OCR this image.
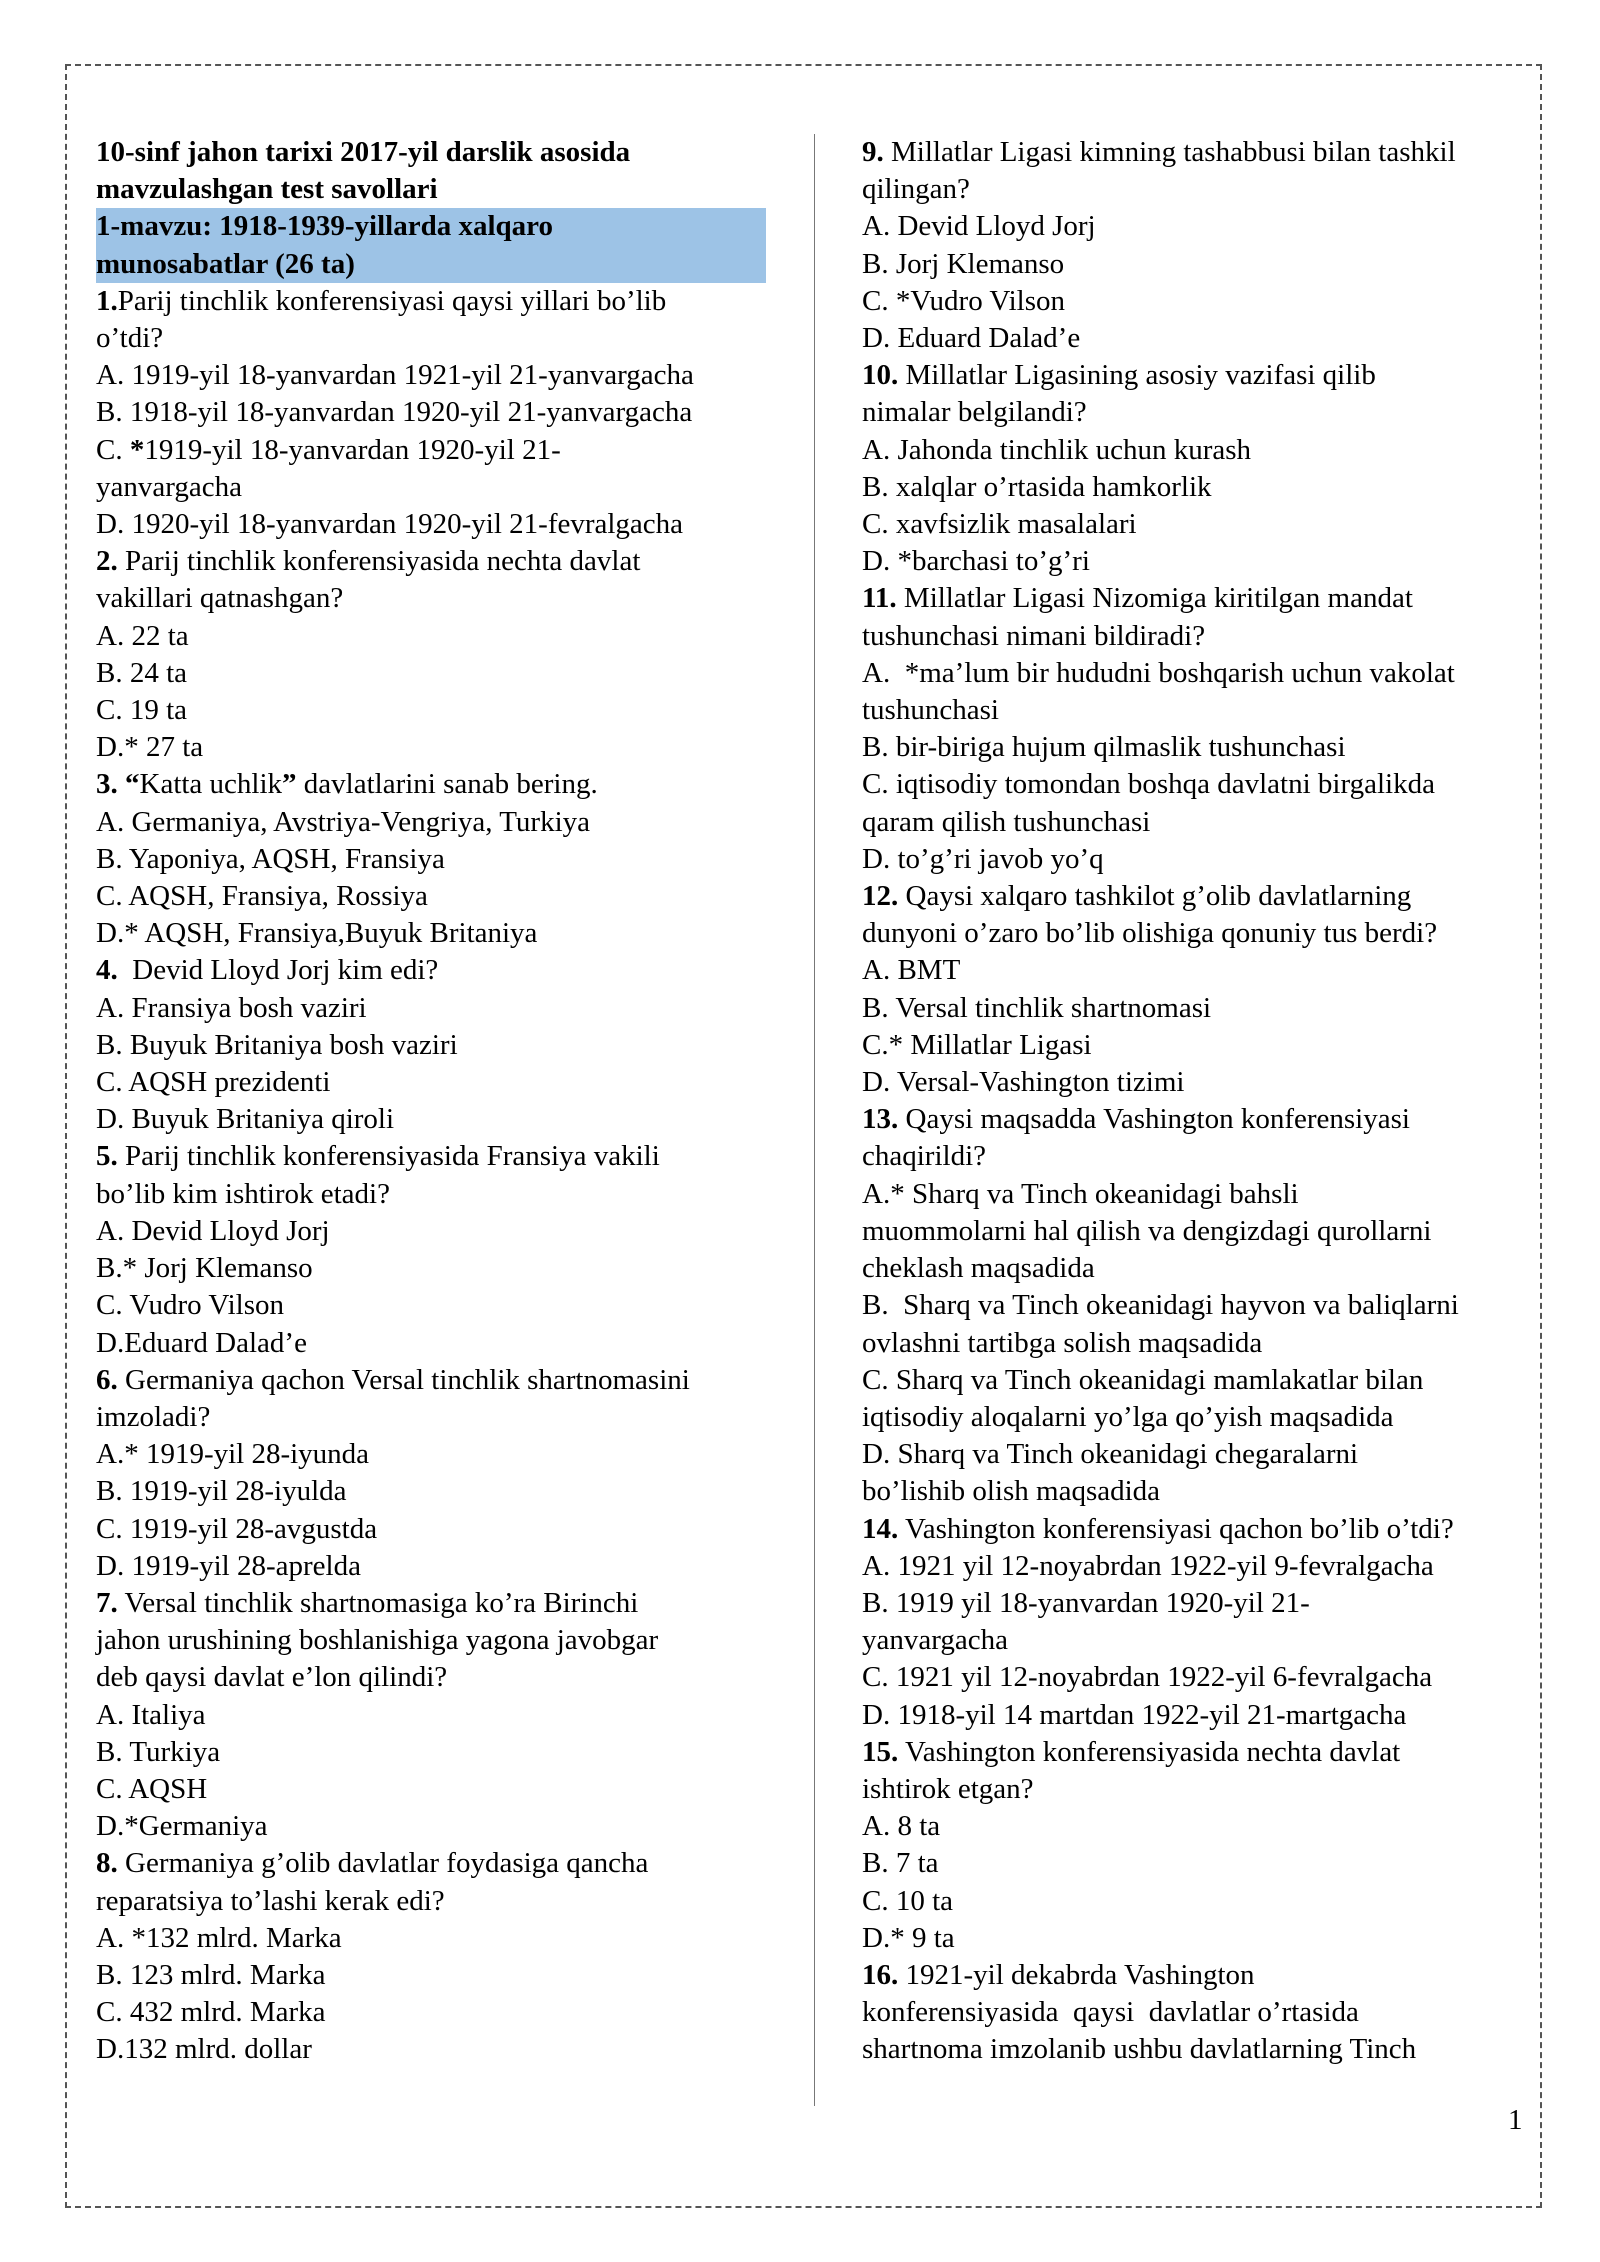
10-sinf jahon tarixi 2017-yil darslik asosida
mavzulashgan test savollari
1-mavzu: 1918-1939-yillarda xalqaro
munosabatlar (26 ta)
1.Parij tinchlik konferensiyasi qaysi yillari bo’lib
o’tdi?
A. 1919-yil 18-yanvardan 1921-yil 21-yanvargacha
B. 1918-yil 18-yanvardan 1920-yil 21-yanvargacha
C. *1919-yil 18-yanvardan 1920-yil 21-
yanvargacha
D. 1920-yil 18-yanvardan 1920-yil 21-fevralgacha
2. Parij tinchlik konferensiyasida nechta davlat
vakillari qatnashgan?
A. 22 ta
B. 24 ta
C. 19 ta
D.* 27 ta
3. “Katta uchlik” davlatlarini sanab bering.
A. Germaniya, Avstriya-Vengriya, Turkiya
B. Yaponiya, AQSH, Fransiya
C. AQSH, Fransiya, Rossiya
D.* AQSH, Fransiya,Buyuk Britaniya
4.  Devid Lloyd Jorj kim edi?
A. Fransiya bosh vaziri
B. Buyuk Britaniya bosh vaziri
C. AQSH prezidenti
D. Buyuk Britaniya qiroli
5. Parij tinchlik konferensiyasida Fransiya vakili
bo’lib kim ishtirok etadi?
A. Devid Lloyd Jorj
B.* Jorj Klemanso
C. Vudro Vilson
D.Eduard Dalad’e
6. Germaniya qachon Versal tinchlik shartnomasini
imzoladi?
A.* 1919-yil 28-iyunda
B. 1919-yil 28-iyulda
C. 1919-yil 28-avgustda
D. 1919-yil 28-aprelda
7. Versal tinchlik shartnomasiga ko’ra Birinchi
jahon urushining boshlanishiga yagona javobgar
deb qaysi davlat e’lon qilindi?
A. Italiya
B. Turkiya
C. AQSH
D.*Germaniya
8. Germaniya g’olib davlatlar foydasiga qancha
reparatsiya to’lashi kerak edi?
A. *132 mlrd. Marka
B. 123 mlrd. Marka
C. 432 mlrd. Marka
D.132 mlrd. dollar
9. Millatlar Ligasi kimning tashabbusi bilan tashkil
qilingan?
A. Devid Lloyd Jorj
B. Jorj Klemanso
C. *Vudro Vilson
D. Eduard Dalad’e
10. Millatlar Ligasining asosiy vazifasi qilib
nimalar belgilandi?
A. Jahonda tinchlik uchun kurash
B. xalqlar o’rtasida hamkorlik
C. xavfsizlik masalalari
D. *barchasi to’g’ri
11. Millatlar Ligasi Nizomiga kiritilgan mandat
tushunchasi nimani bildiradi?
A.  *ma’lum bir hududni boshqarish uchun vakolat
tushunchasi
B. bir-biriga hujum qilmaslik tushunchasi
C. iqtisodiy tomondan boshqa davlatni birgalikda
qaram qilish tushunchasi
D. to’g’ri javob yo’q
12. Qaysi xalqaro tashkilot g’olib davlatlarning
dunyoni o’zaro bo’lib olishiga qonuniy tus berdi?
A. BMT
B. Versal tinchlik shartnomasi
C.* Millatlar Ligasi
D. Versal-Vashington tizimi
13. Qaysi maqsadda Vashington konferensiyasi
chaqirildi?
A.* Sharq va Tinch okeanidagi bahsli
muommolarni hal qilish va dengizdagi qurollarni
cheklash maqsadida
B.  Sharq va Tinch okeanidagi hayvon va baliqlarni
ovlashni tartibga solish maqsadida
C. Sharq va Tinch okeanidagi mamlakatlar bilan
iqtisodiy aloqalarni yo’lga qo’yish maqsadida
D. Sharq va Tinch okeanidagi chegaralarni
bo’lishib olish maqsadida
14. Vashington konferensiyasi qachon bo’lib o’tdi?
A. 1921 yil 12-noyabrdan 1922-yil 9-fevralgacha
B. 1919 yil 18-yanvardan 1920-yil 21-
yanvargacha
C. 1921 yil 12-noyabrdan 1922-yil 6-fevralgacha
D. 1918-yil 14 martdan 1922-yil 21-martgacha
15. Vashington konferensiyasida nechta davlat
ishtirok etgan?
A. 8 ta
B. 7 ta
C. 10 ta
D.* 9 ta
16. 1921-yil dekabrda Vashington
konferensiyasida  qaysi  davlatlar o’rtasida
shartnoma imzolanib ushbu davlatlarning Tinch
1
